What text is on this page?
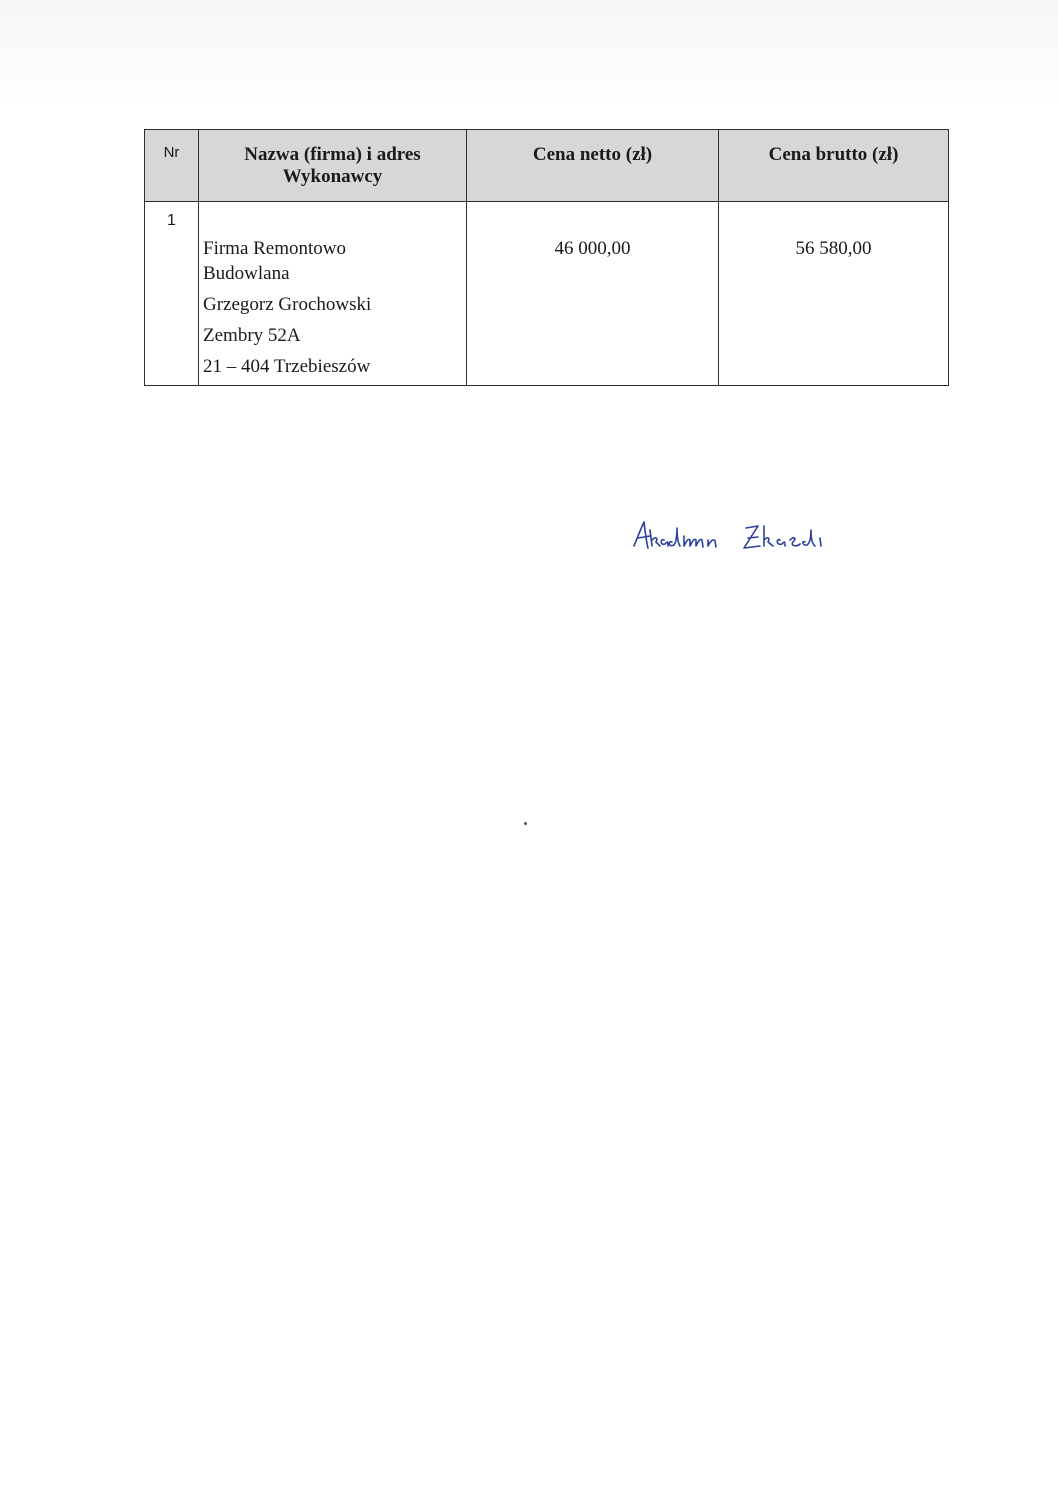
Nr	Nazwa (firma) i adres Wykonawcy	Cena netto (zł)	Cena brutto (zł)
1	Firma Remontowo
Budowlana
Grzegorz Grochowski
Zembry 52A
21 – 404 Trzebieszów	46 000,00	56 580,00
